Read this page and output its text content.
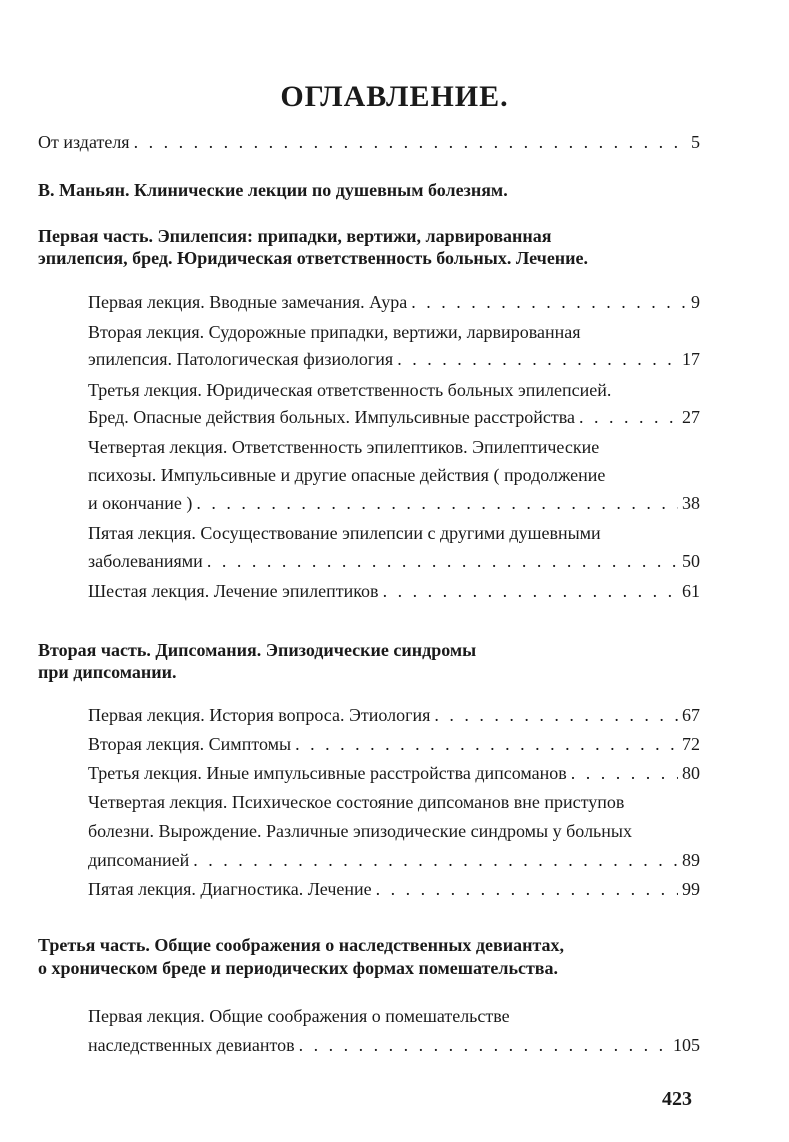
ОГЛАВЛЕНИЕ.
От издателя . . .	5
В. Маньян. Клинические лекции по душевным болезням.
Первая часть. Эпилепсия: припадки, вертижи, ларвированная
эпилепсия, бред. Юридическая ответственность больных. Лечение.
Первая лекция. Вводные замечания. Аура . . .	9
Вторая лекция. Судорожные припадки, вертижи, ларвированная
эпилепсия. Патологическая физиология . . .	17
Третья лекция. Юридическая ответственность больных эпилепсией.
Бред. Опасные действия больных. Импульсивные расстройства . . .	27
Четвертая лекция. Ответственность эпилептиков. Эпилептические
психозы. Импульсивные и другие опасные действия ( продолжение
и окончание ) . . .	38
Пятая лекция. Сосуществование эпилепсии с другими душевными
заболеваниями . . .	50
Шестая лекция. Лечение эпилептиков . . .	61
Вторая часть. Дипсомания. Эпизодические синдромы
при дипсомании.
Первая лекция. История вопроса. Этиология . . .	67
Вторая лекция. Симптомы . . .	72
Третья лекция. Иные импульсивные расстройства дипсоманов . . .	80
Четвертая лекция. Психическое состояние дипсоманов вне приступов
болезни. Вырождение. Различные эпизодические синдромы у больных
дипсоманией . . .	89
Пятая лекция. Диагностика. Лечение . . .	99
Третья часть. Общие соображения о наследственных девиантах,
о хроническом бреде и периодических формах помешательства.
Первая лекция. Общие соображения о помешательстве
наследственных девиантов . . .	105
423
